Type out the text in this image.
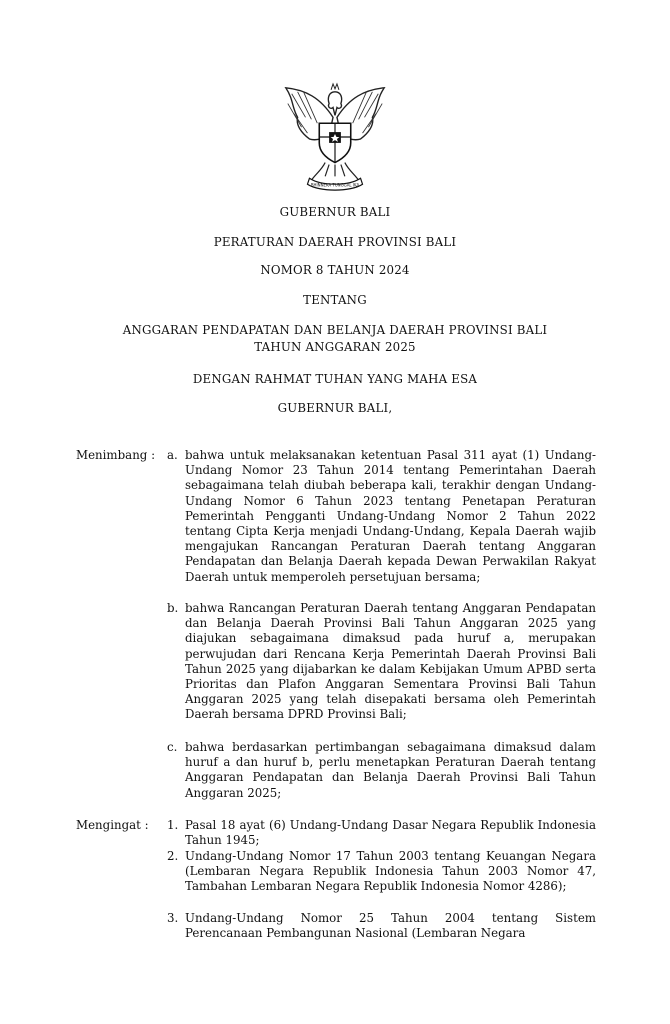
BHINNEKA TUNGGAL IKA
GUBERNUR BALI
PERATURAN DAERAH PROVINSI BALI
NOMOR 8 TAHUN 2024
TENTANG
ANGGARAN PENDAPATAN DAN BELANJA DAERAH PROVINSI BALI
TAHUN ANGGARAN 2025
DENGAN RAHMAT TUHAN YANG MAHA ESA
GUBERNUR BALI,
Menimbang : a. bahwa untuk melaksanakan ketentuan Pasal 311 ayat (1) Undang-Undang Nomor 23 Tahun 2014 tentang Pemerintahan Daerah sebagaimana telah diubah beberapa kali, terakhir dengan Undang-Undang Nomor 6 Tahun 2023 tentang Penetapan Peraturan Pemerintah Pengganti Undang-Undang Nomor 2 Tahun 2022 tentang Cipta Kerja menjadi Undang-Undang, Kepala Daerah wajib mengajukan Rancangan Peraturan Daerah tentang Anggaran Pendapatan dan Belanja Daerah kepada Dewan Perwakilan Rakyat Daerah untuk memperoleh persetujuan bersama;
b. bahwa Rancangan Peraturan Daerah tentang Anggaran Pendapatan dan Belanja Daerah Provinsi Bali Tahun Anggaran 2025 yang diajukan sebagaimana dimaksud pada huruf a, merupakan perwujudan dari Rencana Kerja Pemerintah Daerah Provinsi Bali Tahun 2025 yang dijabarkan ke dalam Kebijakan Umum APBD serta Prioritas dan Plafon Anggaran Sementara Provinsi Bali Tahun Anggaran 2025 yang telah disepakati bersama oleh Pemerintah Daerah bersama DPRD Provinsi Bali;
c. bahwa berdasarkan pertimbangan sebagaimana dimaksud dalam huruf a dan huruf b, perlu menetapkan Peraturan Daerah tentang Anggaran Pendapatan dan Belanja Daerah Provinsi Bali Tahun Anggaran 2025;
Mengingat : 1. Pasal 18 ayat (6) Undang-Undang Dasar Negara Republik Indonesia Tahun 1945;
2. Undang-Undang Nomor 17 Tahun 2003 tentang Keuangan Negara (Lembaran Negara Republik Indonesia Tahun 2003 Nomor 47, Tambahan Lembaran Negara Republik Indonesia Nomor 4286);
3. Undang-Undang Nomor 25 Tahun 2004 tentang Sistem Perencanaan Pembangunan Nasional (Lembaran Negara
